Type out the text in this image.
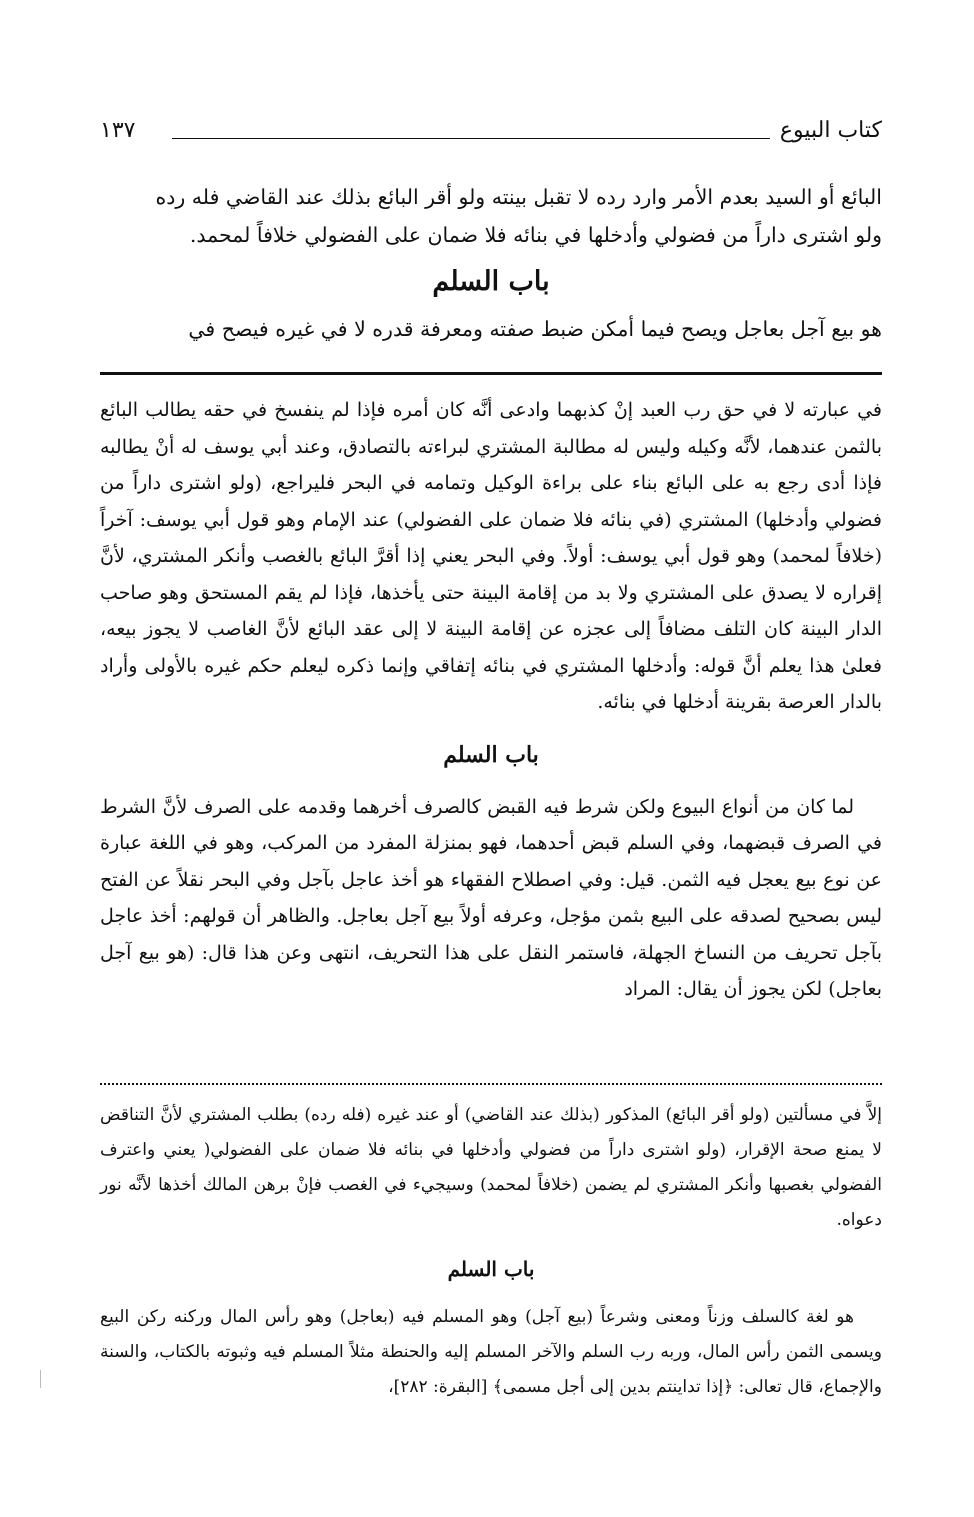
كتاب البيوع
١٣٧

البائع أو السيد بعدم الأمر وارد رده لا تقبل بينته ولو أقر البائع بذلك عند القاضي فله رده

ولو اشترى داراً من فضولي وأدخلها في بنائه فلا ضمان على الفضولي خلافاً لمحمد.

باب السلم

هو بيع آجل بعاجل ويصح فيما أمكن ضبط صفته ومعرفة قدره لا في غيره فيصح في

في عبارته لا في حق رب العبد إنْ كذبهما وادعى أنَّه كان أمره فإذا لم ينفسخ في حقه يطالب البائع بالثمن عندهما، لأنَّه وكيله وليس له مطالبة المشتري لبراءته بالتصادق، وعند أبي يوسف له أنْ يطالبه فإذا أدى رجع به على البائع بناء على براءة الوكيل وتمامه في البحر فليراجع، (ولو اشترى داراً من فضولي وأدخلها) المشتري (في بنائه فلا ضمان على الفضولي) عند الإمام وهو قول أبي يوسف: آخراً (خلافاً لمحمد) وهو قول أبي يوسف: أولاً. وفي البحر يعني إذا أقرَّ البائع بالغصب وأنكر المشتري، لأنَّ إقراره لا يصدق على المشتري ولا بد من إقامة البينة حتى يأخذها، فإذا لم يقم المستحق وهو صاحب الدار البينة كان التلف مضافاً إلى عجزه عن إقامة البينة لا إلى عقد البائع لأنَّ الغاصب لا يجوز بيعه، فعلىٰ هذا يعلم أنَّ قوله: وأدخلها المشتري في بنائه إتفاقي وإنما ذكره ليعلم حكم غيره بالأولى وأراد بالدار العرصة بقرينة أدخلها في بنائه.

باب السلم

لما كان من أنواع البيوع ولكن شرط فيه القبض كالصرف أخرهما وقدمه على الصرف لأنَّ الشرط في الصرف قبضهما، وفي السلم قبض أحدهما، فهو بمنزلة المفرد من المركب، وهو في اللغة عبارة عن نوع بيع يعجل فيه الثمن. قيل: وفي اصطلاح الفقهاء هو أخذ عاجل بآجل وفي البحر نقلاً عن الفتح ليس بصحيح لصدقه على البيع بثمن مؤجل، وعرفه أولاً بيع آجل بعاجل. والظاهر أن قولهم: أخذ عاجل بآجل تحريف من النساخ الجهلة، فاستمر النقل على هذا التحريف، انتهى وعن هذا قال: (هو بيع آجل بعاجل) لكن يجوز أن يقال: المراد

إلاَّ في مسألتين (ولو أقر البائع) المذكور (بذلك عند القاضي) أو عند غيره (فله رده) بطلب المشتري لأنَّ التناقض لا يمنع صحة الإقرار، (ولو اشترى داراً من فضولي وأدخلها في بنائه فلا ضمان على الفضولي( يعني واعترف الفضولي بغصبها وأنكر المشتري لم يضمن (خلافاً لمحمد) وسيجيء في الغصب فإنْ برهن المالك أخذها لأنَّه نور دعواه.

باب السلم

هو لغة كالسلف وزناً ومعنى وشرعاً (بيع آجل) وهو المسلم فيه (بعاجل) وهو رأس المال وركنه ركن البيع ويسمى الثمن رأس المال، وربه رب السلم والآخر المسلم إليه والحنطة مثلاً المسلم فيه وثبوته بالكتاب، والسنة والإجماع، قال تعالى: ﴿إذا تداينتم بدين إلى أجل مسمى﴾ [البقرة: ٢٨٢]،
